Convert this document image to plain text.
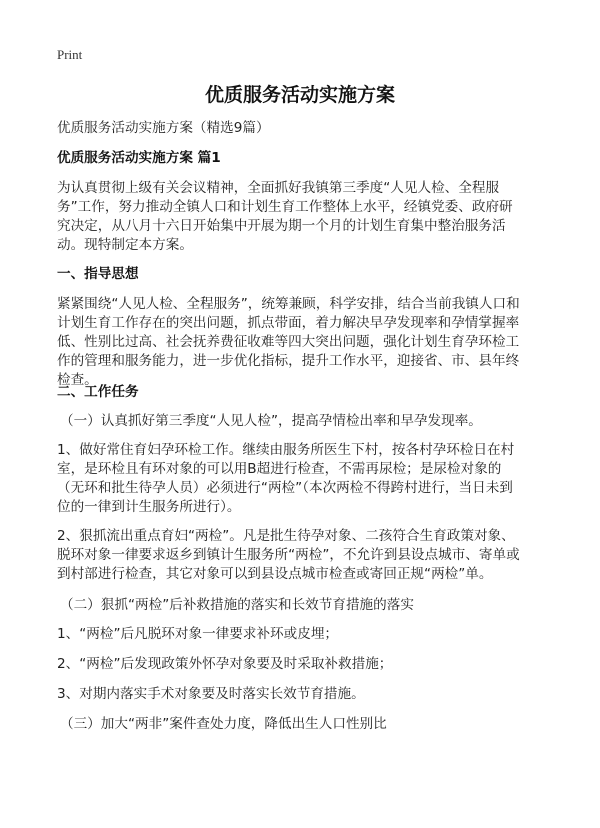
Print
优质服务活动实施方案

优质服务活动实施方案（精选9篇）

优质服务活动实施方案 篇1

为认真贯彻上级有关会议精神，全面抓好我镇第三季度“人见人检、全程服务”工作，努力推动全镇人口和计划生育工作整体上水平，经镇党委、政府研究决定，从八月十六日开始集中开展为期一个月的计划生育集中整治服务活动。现特制定本方案。

一、指导思想

紧紧围绕“人见人检、全程服务”，统筹兼顾，科学安排，结合当前我镇人口和计划生育工作存在的突出问题，抓点带面，着力解决早孕发现率和孕情掌握率低、性别比过高、社会抚养费征收难等四大突出问题，强化计划生育孕环检工作的管理和服务能力，进一步优化指标，提升工作水平，迎接省、市、县年终检查。

二、工作任务

（一）认真抓好第三季度“人见人检”，提高孕情检出率和早孕发现率。

1、做好常住育妇孕环检工作。继续由服务所医生下村，按各村孕环检日在村室，是环检且有环对象的可以用B超进行检查，不需再尿检；是尿检对象的（无环和批生待孕人员）必须进行“两检”（本次两检不得跨村进行，当日未到位的一律到计生服务所进行）。

2、狠抓流出重点育妇“两检”。凡是批生待孕对象、二孩符合生育政策对象、脱环对象一律要求返乡到镇计生服务所“两检”，不允许到县设点城市、寄单或到村部进行检查，其它对象可以到县设点城市检查或寄回正规“两检”单。

（二）狠抓“两检”后补救措施的落实和长效节育措施的落实

1、“两检”后凡脱环对象一律要求补环或皮埋；

2、“两检”后发现政策外怀孕对象要及时采取补救措施；

3、对期内落实手术对象要及时落实长效节育措施。

（三）加大“两非”案件查处力度，降低出生人口性别比
